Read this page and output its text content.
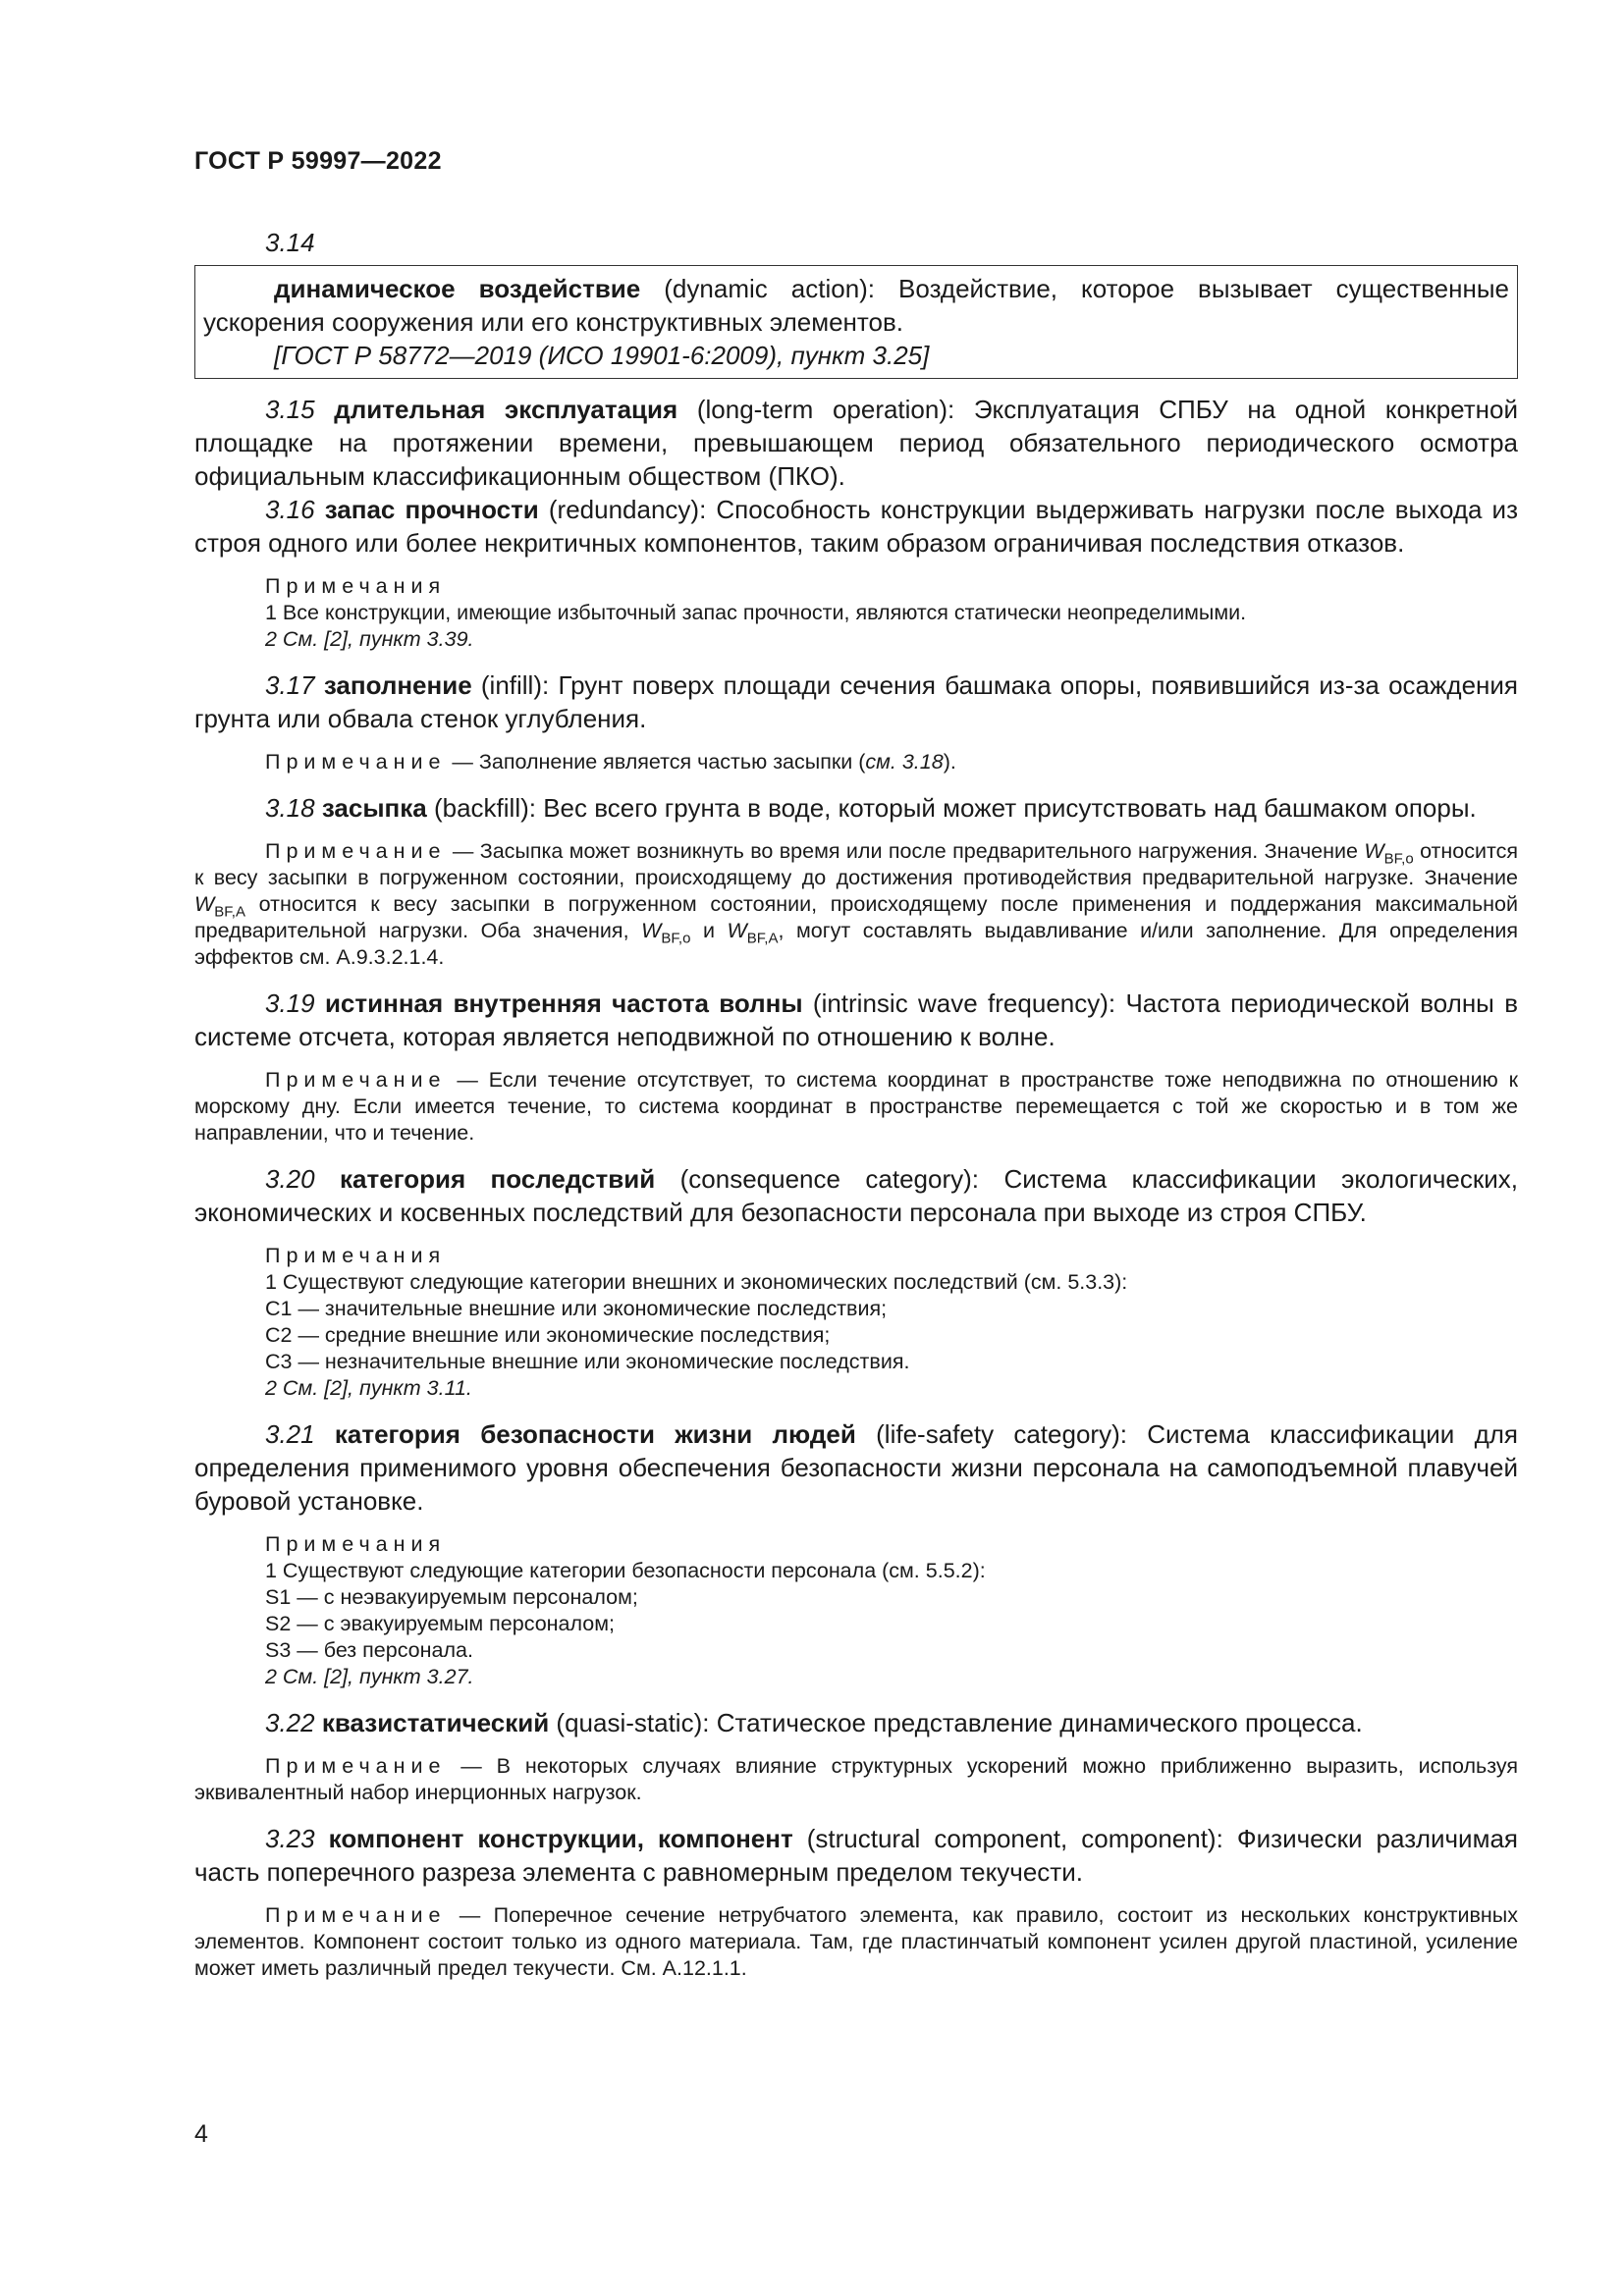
ГОСТ Р 59997—2022

3.14

динамическое воздействие (dynamic action): Воздействие, которое вызывает существенные ускорения сооружения или его конструктивных элементов.

[ГОСТ Р 58772—2019 (ИСО 19901-6:2009), пункт 3.25]

3.15 длительная эксплуатация (long-term operation): Эксплуатация СПБУ на одной конкретной площадке на протяжении времени, превышающем период обязательного периодического осмотра официальным классификационным обществом (ПКО).

3.16 запас прочности (redundancy): Способность конструкции выдерживать нагрузки после выхода из строя одного или более некритичных компонентов, таким образом ограничивая последствия отказов.

Примечания

1 Все конструкции, имеющие избыточный запас прочности, являются статически неопределимыми.

2 См. [2], пункт 3.39.

3.17 заполнение (infill): Грунт поверх площади сечения башмака опоры, появившийся из-за осаждения грунта или обвала стенок углубления.

Примечание — Заполнение является частью засыпки (см. 3.18).

3.18 засыпка (backfill): Вес всего грунта в воде, который может присутствовать над башмаком опоры.

Примечание — Засыпка может возникнуть во время или после предварительного нагружения. Значение $W_{BF,o}$ относится к весу засыпки в погруженном состоянии, происходящему до достижения противодействия предварительной нагрузке. Значение $W_{BF,A}$ относится к весу засыпки в погруженном состоянии, происходящему после применения и поддержания максимальной предварительной нагрузки. Оба значения, $W_{BF,o}$ и $W_{BF,A}$, могут составлять выдавливание и/или заполнение. Для определения эффектов см. А.9.3.2.1.4.

3.19 истинная внутренняя частота волны (intrinsic wave frequency): Частота периодической волны в системе отсчета, которая является неподвижной по отношению к волне.

Примечание — Если течение отсутствует, то система координат в пространстве тоже неподвижна по отношению к морскому дну. Если имеется течение, то система координат в пространстве перемещается с той же скоростью и в том же направлении, что и течение.

3.20 категория последствий (consequence category): Система классификации экологических, экономических и косвенных последствий для безопасности персонала при выходе из строя СПБУ.

Примечания

1 Существуют следующие категории внешних и экономических последствий (см. 5.3.3):

С1 — значительные внешние или экономические последствия;

С2 — средние внешние или экономические последствия;

С3 — незначительные внешние или экономические последствия.

2 См. [2], пункт 3.11.

3.21 категория безопасности жизни людей (life-safety category): Система классификации для определения применимого уровня обеспечения безопасности жизни персонала на самоподъемной плавучей буровой установке.

Примечания

1 Существуют следующие категории безопасности персонала (см. 5.5.2):

S1 — с неэвакуируемым персоналом;

S2 — с эвакуируемым персоналом;

S3 — без персонала.

2 См. [2], пункт 3.27.

3.22 квазистатический (quasi-static): Статическое представление динамического процесса.

Примечание — В некоторых случаях влияние структурных ускорений можно приближенно выразить, используя эквивалентный набор инерционных нагрузок.

3.23 компонент конструкции, компонент (structural component, component): Физически различимая часть поперечного разреза элемента с равномерным пределом текучести.

Примечание — Поперечное сечение нетрубчатого элемента, как правило, состоит из нескольких конструктивных элементов. Компонент состоит только из одного материала. Там, где пластинчатый компонент усилен другой пластиной, усиление может иметь различный предел текучести. См. А.12.1.1.

4
